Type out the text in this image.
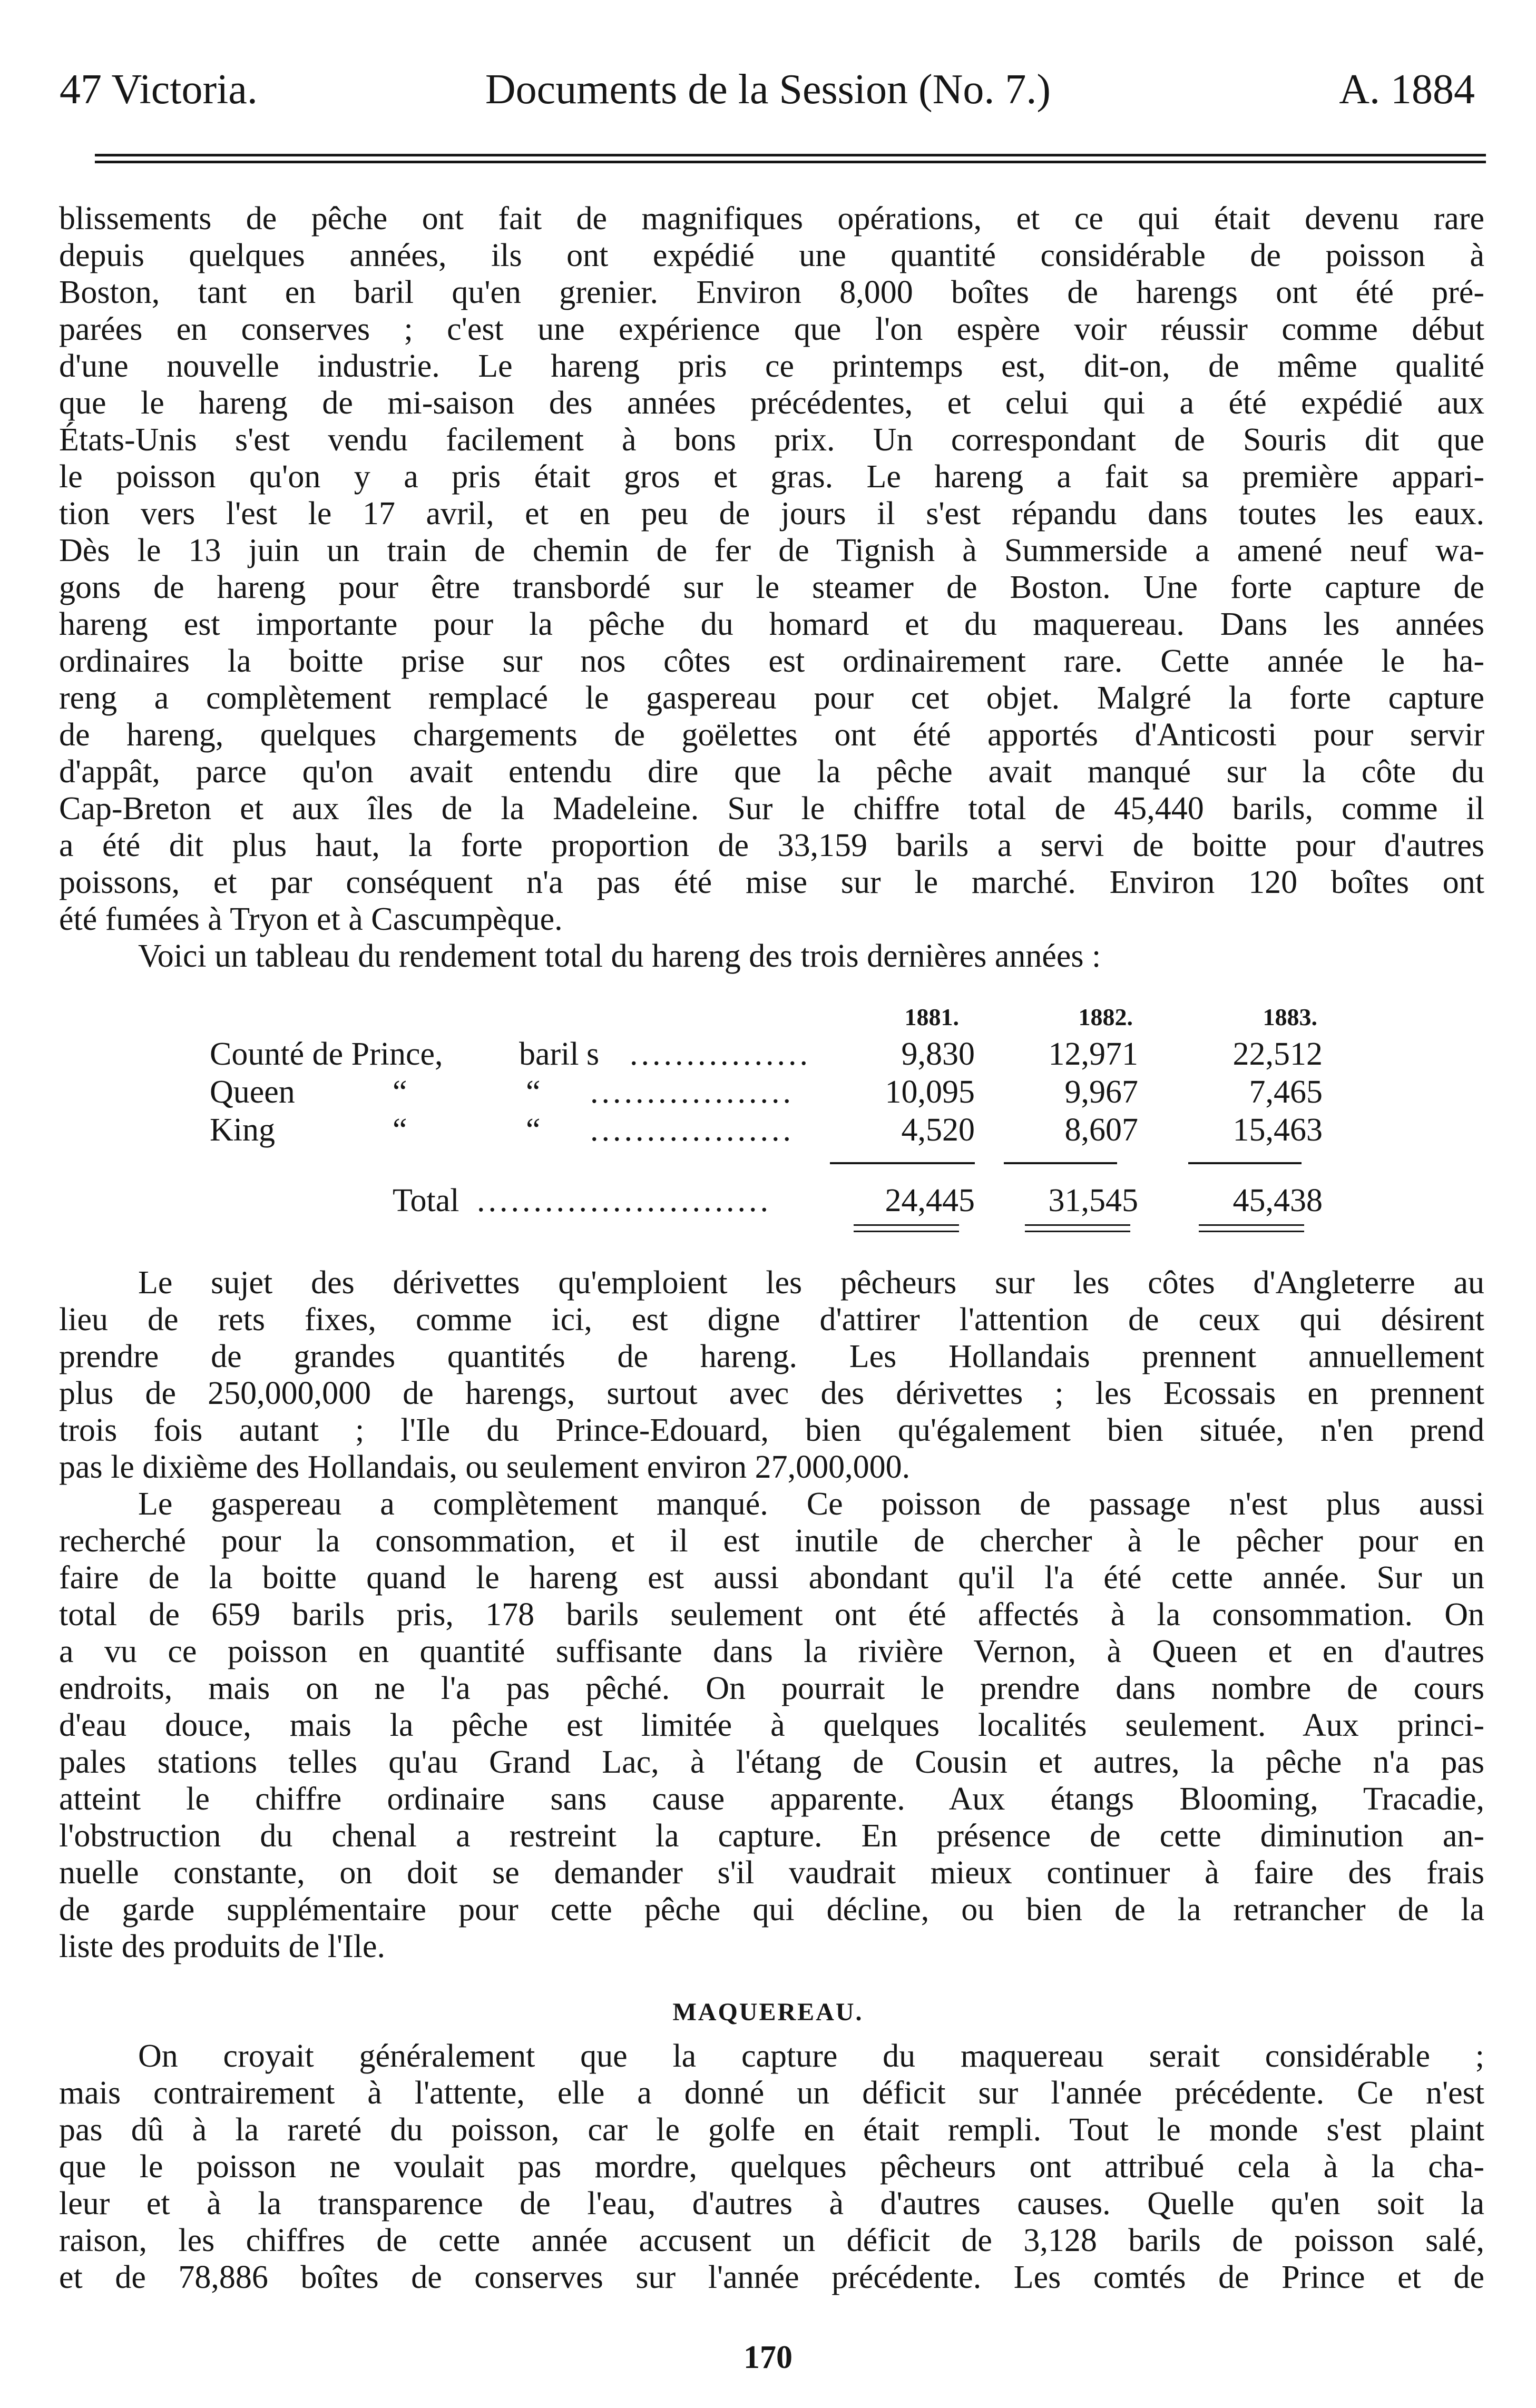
47 Victoria.	Documents de la Session (No. 7.)	A. 1884
blissements de pêche ont fait de magnifiques opérations, et ce qui était devenu rare
depuis quelques années, ils ont expédié une quantité considérable de poisson à
Boston, tant en baril qu'en grenier. Environ 8,000 boîtes de harengs ont été pré-
parées en conserves ; c'est une expérience que l'on espère voir réussir comme début
d'une nouvelle industrie. Le hareng pris ce printemps est, dit-on, de même qualité
que le hareng de mi-saison des années précédentes, et celui qui a été expédié aux
États-Unis s'est vendu facilement à bons prix. Un correspondant de Souris dit que
le poisson qu'on y a pris était gros et gras. Le hareng a fait sa première appari-
tion vers l'est le 17 avril, et en peu de jours il s'est répandu dans toutes les eaux.
Dès le 13 juin un train de chemin de fer de Tignish à Summerside a amené neuf wa-
gons de hareng pour être transbordé sur le steamer de Boston. Une forte capture de
hareng est importante pour la pêche du homard et du maquereau. Dans les années
ordinaires la boitte prise sur nos côtes est ordinairement rare. Cette année le ha-
reng a complètement remplacé le gaspereau pour cet objet. Malgré la forte capture
de hareng, quelques chargements de goëlettes ont été apportés d'Anticosti pour servir
d'appât, parce qu'on avait entendu dire que la pêche avait manqué sur la côte du
Cap-Breton et aux îles de la Madeleine. Sur le chiffre total de 45,440 barils, comme il
a été dit plus haut, la forte proportion de 33,159 barils a servi de boitte pour d'autres
poissons, et par conséquent n'a pas été mise sur le marché. Environ 120 boîtes ont
été fumées à Tryon et à Cascumpèque.
Voici un tableau du rendement total du hareng des trois dernières années :
1881.	1882.	1883.
Counté de Prince, baril s ................	9,830	12,971	22,512
Queen	“	“ ..................	10,095	9,967	7,465
King	“	“ ..................	4,520	8,607	15,463
Total ..........................	24,445	31,545	45,438
Le sujet des dérivettes qu'emploient les pêcheurs sur les côtes d'Angleterre au
lieu de rets fixes, comme ici, est digne d'attirer l'attention de ceux qui désirent
prendre de grandes quantités de hareng. Les Hollandais prennent annuellement
plus de 250,000,000 de harengs, surtout avec des dérivettes ; les Ecossais en prennent
trois fois autant ; l'Ile du Prince-Edouard, bien qu'également bien située, n'en prend
pas le dixième des Hollandais, ou seulement environ 27,000,000.
Le gaspereau a complètement manqué. Ce poisson de passage n'est plus aussi
recherché pour la consommation, et il est inutile de chercher à le pêcher pour en
faire de la boitte quand le hareng est aussi abondant qu'il l'a été cette année. Sur un
total de 659 barils pris, 178 barils seulement ont été affectés à la consommation. On
a vu ce poisson en quantité suffisante dans la rivière Vernon, à Queen et en d'autres
endroits, mais on ne l'a pas pêché. On pourrait le prendre dans nombre de cours
d'eau douce, mais la pêche est limitée à quelques localités seulement. Aux princi-
pales stations telles qu'au Grand Lac, à l'étang de Cousin et autres, la pêche n'a pas
atteint le chiffre ordinaire sans cause apparente. Aux étangs Blooming, Tracadie,
l'obstruction du chenal a restreint la capture. En présence de cette diminution an-
nuelle constante, on doit se demander s'il vaudrait mieux continuer à faire des frais
de garde supplémentaire pour cette pêche qui décline, ou bien de la retrancher de la
liste des produits de l'Ile.
MAQUEREAU.
On croyait généralement que la capture du maquereau serait considérable ;
mais contrairement à l'attente, elle a donné un déficit sur l'année précédente. Ce n'est
pas dû à la rareté du poisson, car le golfe en était rempli. Tout le monde s'est plaint
que le poisson ne voulait pas mordre, quelques pêcheurs ont attribué cela à la cha-
leur et à la transparence de l'eau, d'autres à d'autres causes. Quelle qu'en soit la
raison, les chiffres de cette année accusent un déficit de 3,128 barils de poisson salé,
et de 78,886 boîtes de conserves sur l'année précédente. Les comtés de Prince et de
170
